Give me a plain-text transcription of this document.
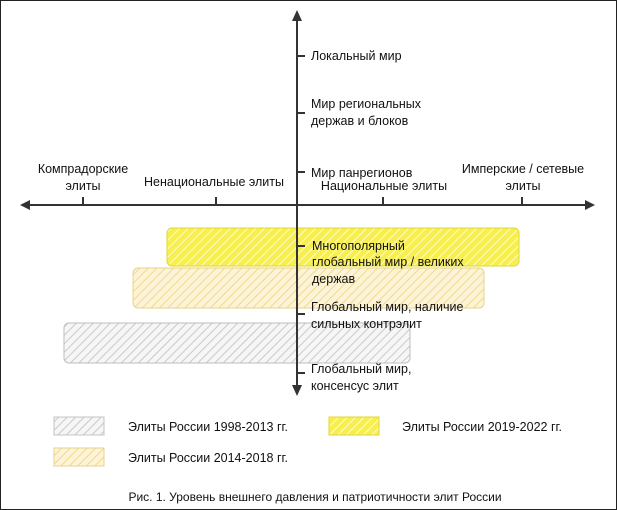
Локальный мир
Мир региональных
держав и блоков
Мир панрегионов
Компрадорские
элиты	Ненациональные элиты	Национальные элиты
Имперские / сетевые
элиты
Многополярный
глобальный мир / великих
держав
Глобальный мир, наличие
сильных контрэлит
Глобальный мир,
консенсус элит
Элиты России 1998-2013 гг.	Элиты России 2019-2022 гг.
Элиты России 2014-2018 гг.
Рис. 1. Уровень внешнего давления и патриотичности элит России
